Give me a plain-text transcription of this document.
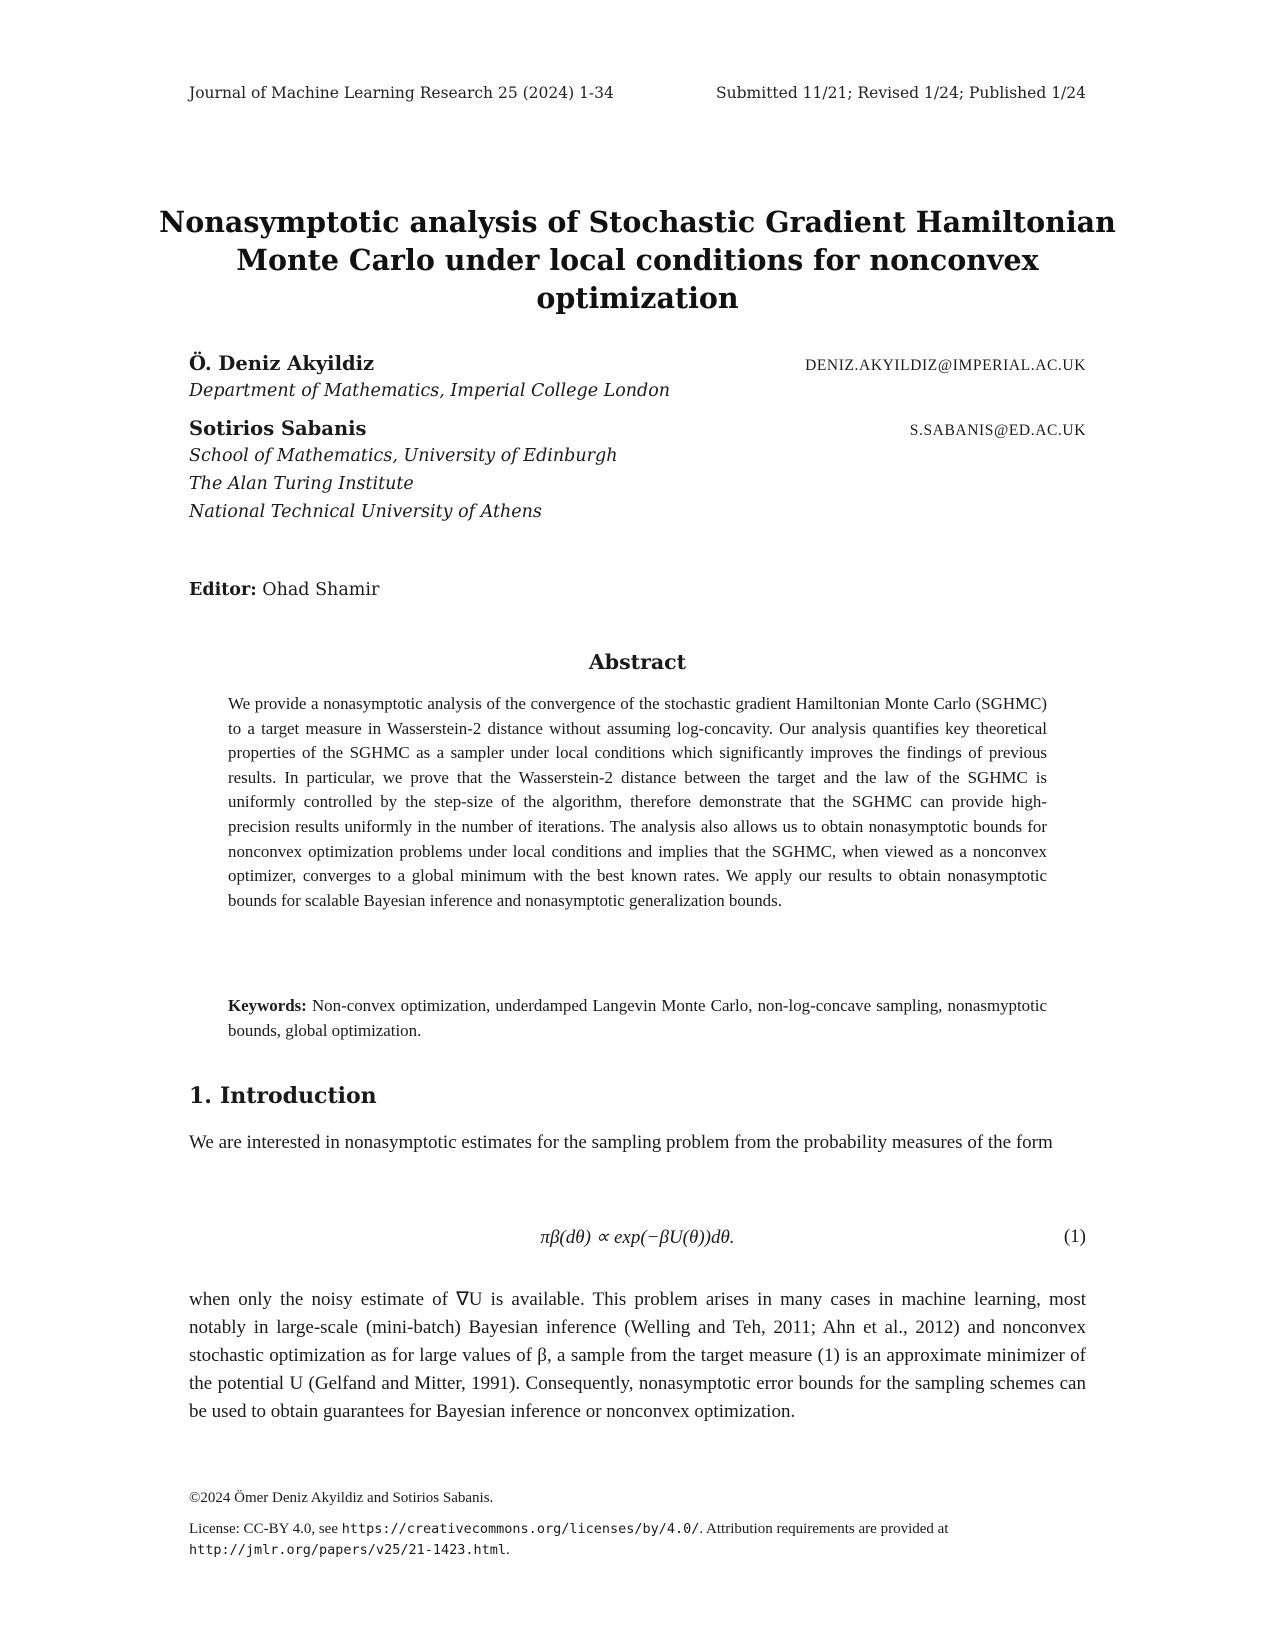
Journal of Machine Learning Research 25 (2024) 1-34	Submitted 11/21; Revised 1/24; Published 1/24
Nonasymptotic analysis of Stochastic Gradient Hamiltonian
Monte Carlo under local conditions for nonconvex
optimization
Ö. Deniz Akyildiz	DENIZ.AKYILDIZ@IMPERIAL.AC.UK
Department of Mathematics, Imperial College London
Sotirios Sabanis	S.SABANIS@ED.AC.UK
School of Mathematics, University of Edinburgh
The Alan Turing Institute
National Technical University of Athens
Editor: Ohad Shamir
Abstract
We provide a nonasymptotic analysis of the convergence of the stochastic gradient Hamiltonian Monte Carlo (SGHMC) to a target measure in Wasserstein-2 distance without assuming log-concavity. Our analysis quantifies key theoretical properties of the SGHMC as a sampler under local conditions which significantly improves the findings of previous results. In particular, we prove that the Wasserstein-2 distance between the target and the law of the SGHMC is uniformly controlled by the step-size of the algorithm, therefore demonstrate that the SGHMC can provide high-precision results uniformly in the number of iterations. The analysis also allows us to obtain nonasymptotic bounds for nonconvex optimization problems under local conditions and implies that the SGHMC, when viewed as a nonconvex optimizer, converges to a global minimum with the best known rates. We apply our results to obtain nonasymptotic bounds for scalable Bayesian inference and nonasymptotic generalization bounds.
Keywords: Non-convex optimization, underdamped Langevin Monte Carlo, non-log-concave sampling, nonasmyptotic bounds, global optimization.
1. Introduction
We are interested in nonasymptotic estimates for the sampling problem from the probability measures of the form
πβ(dθ) ∝ exp(−βU(θ))dθ.	(1)
when only the noisy estimate of ∇U is available. This problem arises in many cases in machine learning, most notably in large-scale (mini-batch) Bayesian inference (Welling and Teh, 2011; Ahn et al., 2012) and nonconvex stochastic optimization as for large values of β, a sample from the target measure (1) is an approximate minimizer of the potential U (Gelfand and Mitter, 1991). Consequently, nonasymptotic error bounds for the sampling schemes can be used to obtain guarantees for Bayesian inference or nonconvex optimization.
©2024 Ömer Deniz Akyildiz and Sotirios Sabanis.
License: CC-BY 4.0, see https://creativecommons.org/licenses/by/4.0/. Attribution requirements are provided at http://jmlr.org/papers/v25/21-1423.html.
